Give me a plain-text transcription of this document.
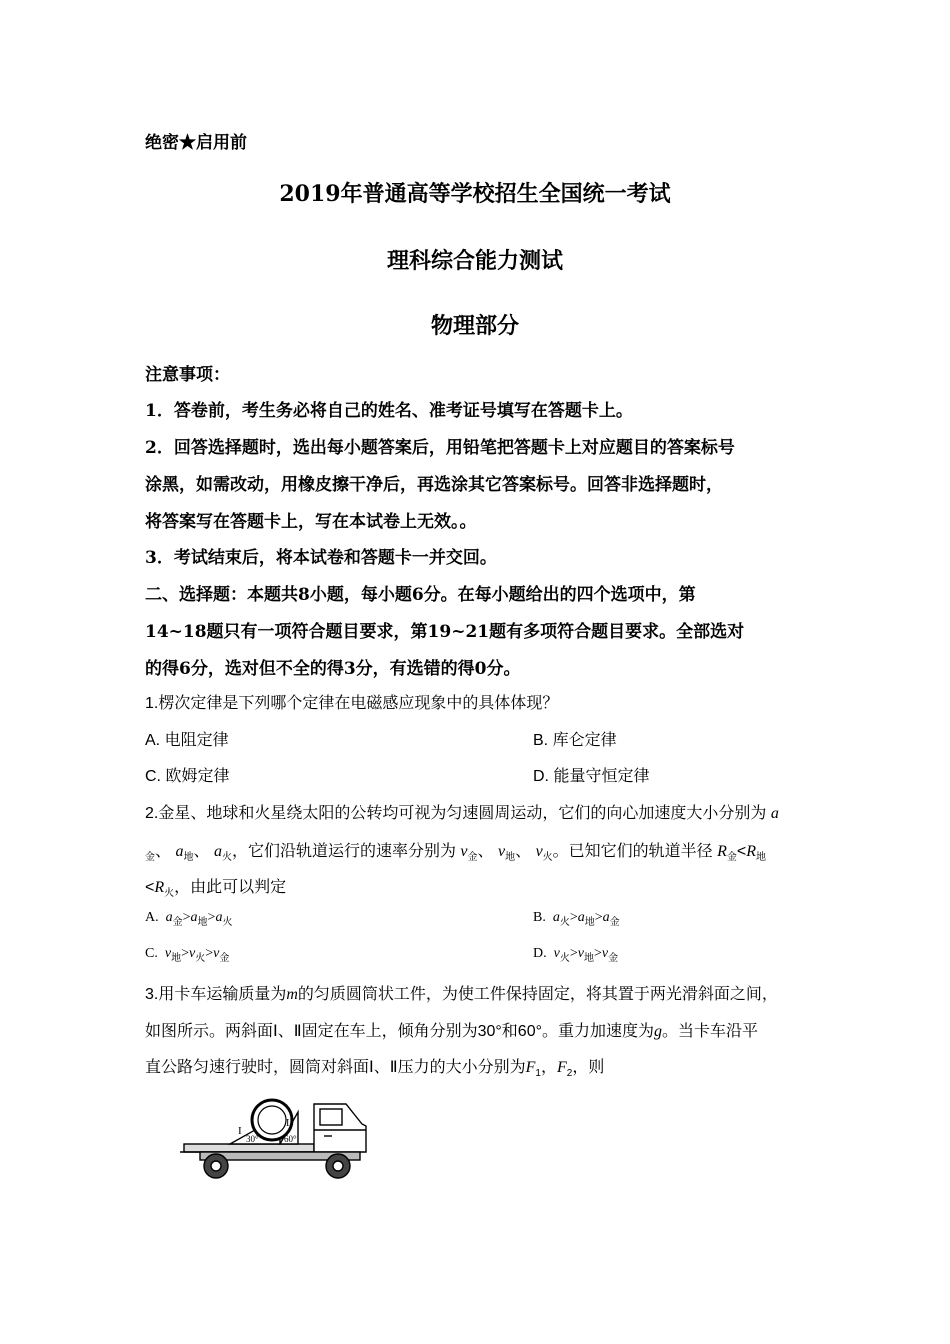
绝密★启用前
2019年普通高等学校招生全国统一考试
理科综合能力测试
物理部分
注意事项：
1．答卷前，考生务必将自己的姓名、准考证号填写在答题卡上。
2．回答选择题时，选出每小题答案后，用铅笔把答题卡上对应题目的答案标号
涂黑，如需改动，用橡皮擦干净后，再选涂其它答案标号。回答非选择题时，
将答案写在答题卡上，写在本试卷上无效。。
3．考试结束后，将本试卷和答题卡一并交回。
二、选择题：本题共8小题，每小题6分。在每小题给出的四个选项中，第
14~18题只有一项符合题目要求，第19~21题有多项符合题目要求。全部选对
的得6分，选对但不全的得3分，有选错的得0分。
1.楞次定律是下列哪个定律在电磁感应现象中的具体体现？
A. 电阻定律	B. 库仑定律
C. 欧姆定律	D. 能量守恒定律
2.金星、地球和火星绕太阳的公转均可视为匀速圆周运动，它们的向心加速度大小分别为 a
$_金$、 $a_地$、 $a_火$，它们沿轨道运行的速率分别为 $v_金$、 $v_地$、 $v_火$。已知它们的轨道半径 $R_金<R_地$
$<R_火$，由此可以判定
A. $a_金>a_地>a_火$	B. $a_火>a_地>a_金$
C. $v_地>v_火>v_金$	D. $v_火>v_地>v_金$
3.用卡车运输质量为m的匀质圆筒状工件，为使工件保持固定，将其置于两光滑斜面之间，
如图所示。两斜面Ⅰ、Ⅱ固定在车上，倾角分别为30°和60°。重力加速度为g。当卡车沿平
直公路匀速行驶时，圆筒对斜面Ⅰ、Ⅱ压力的大小分别为$F_1$，$F_2$，则
I
II
30°	60°
